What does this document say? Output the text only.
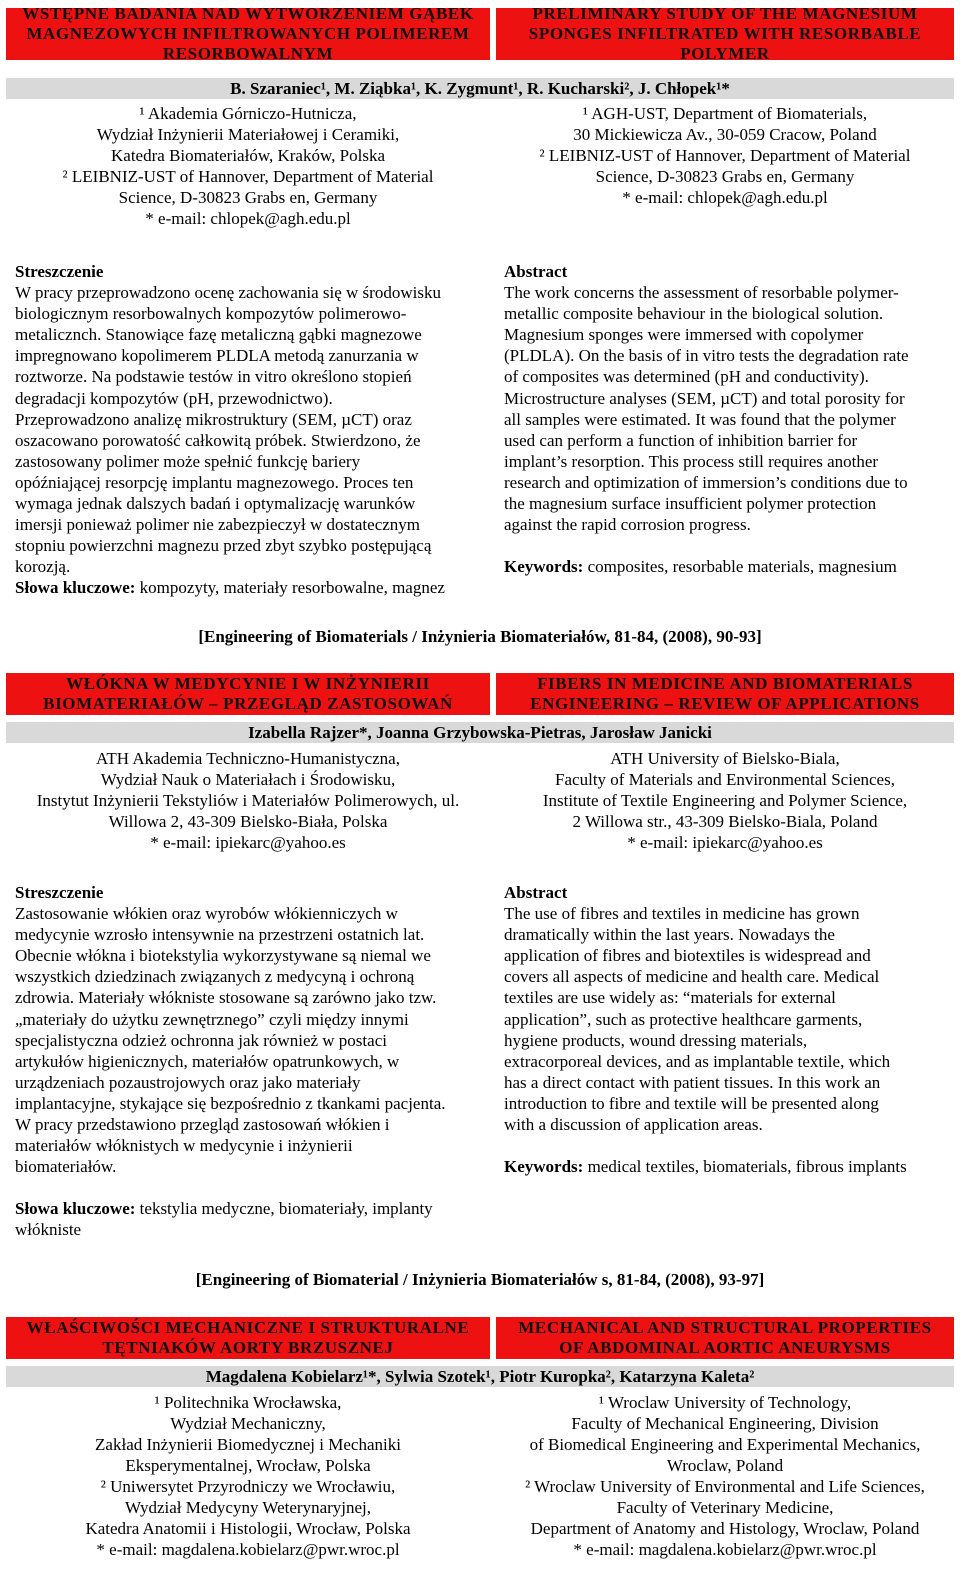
WSTĘPNE BADANIA NAD WYTWORZENIEM GĄBEK
MAGNEZOWYCH INFILTROWANYCH POLIMEREM
RESORBOWALNYM
PRELIMINARY STUDY OF THE MAGNESIUM
SPONGES INFILTRATED WITH RESORBABLE
POLYMER
B. Szaraniec¹, M. Ziąbka¹, K. Zygmunt¹, R. Kucharski², J. Chłopek¹*
¹ Akademia Górniczo-Hutnicza,
Wydział Inżynierii Materiałowej i Ceramiki,
Katedra Biomateriałów, Kraków, Polska
² LEIBNIZ-UST of Hannover, Department of Material
Science, D-30823 Grabs en, Germany
* e-mail: chlopek@agh.edu.pl
¹ AGH-UST, Department of Biomaterials,
30 Mickiewicza Av., 30-059 Cracow, Poland
² LEIBNIZ-UST of Hannover, Department of Material
Science, D-30823 Grabs en, Germany
* e-mail: chlopek@agh.edu.pl
Streszczenie
W pracy przeprowadzono ocenę zachowania się w środowisku
biologicznym resorbowalnych kompozytów polimerowo-
metalicznch. Stanowiące fazę metaliczną gąbki magnezowe
impregnowano kopolimerem PLDLA metodą zanurzania w
roztworze. Na podstawie testów in vitro określono stopień
degradacji kompozytów (pH, przewodnictwo).
Przeprowadzono analizę mikrostruktury (SEM, µCT) oraz
oszacowano porowatość całkowitą próbek. Stwierdzono, że
zastosowany polimer może spełnić funkcję bariery
opóźniającej resorpcję implantu magnezowego. Proces ten
wymaga jednak dalszych badań i optymalizację warunków
imersji ponieważ polimer nie zabezpieczył w dostatecznym
stopniu powierzchni magnezu przed zbyt szybko postępującą
korozją.
Słowa kluczowe: kompozyty, materiały resorbowalne, magnez
Abstract
The work concerns the assessment of resorbable polymer-
metallic composite behaviour in the biological solution.
Magnesium sponges were immersed with copolymer
(PLDLA). On the basis of in vitro tests the degradation rate
of composites was determined (pH and conductivity).
Microstructure analyses (SEM, µCT) and total porosity for
all samples were estimated. It was found that the polymer
used can perform a function of inhibition barrier for
implant’s resorption. This process still requires another
research and optimization of immersion’s conditions due to
the magnesium surface insufficient polymer protection
against the rapid corrosion progress.
Keywords: composites, resorbable materials, magnesium
[Engineering of Biomaterials / Inżynieria Biomateriałów, 81-84, (2008), 90-93]
WŁÓKNA W MEDYCYNIE I W INŻYNIERII
BIOMATERIAŁÓW – PRZEGLĄD ZASTOSOWAŃ
FIBERS IN MEDICINE AND BIOMATERIALS
ENGINEERING – REVIEW OF APPLICATIONS
Izabella Rajzer*, Joanna Grzybowska-Pietras, Jarosław Janicki
ATH Akademia Techniczno-Humanistyczna,
Wydział Nauk o Materiałach i Środowisku,
Instytut Inżynierii Tekstyliów i Materiałów Polimerowych, ul.
Willowa 2, 43-309 Bielsko-Biała, Polska
* e-mail: ipiekarc@yahoo.es
ATH University of Bielsko-Biala,
Faculty of Materials and Environmental Sciences,
Institute of Textile Engineering and Polymer Science,
2 Willowa str., 43-309 Bielsko-Biala, Poland
* e-mail: ipiekarc@yahoo.es
Streszczenie
Zastosowanie włókien oraz wyrobów włókienniczych w
medycynie wzrosło intensywnie na przestrzeni ostatnich lat.
Obecnie włókna i biotekstylia wykorzystywane są niemal we
wszystkich dziedzinach związanych z medycyną i ochroną
zdrowia. Materiały włókniste stosowane są zarówno jako tzw.
„materiały do użytku zewnętrznego” czyli między innymi
specjalistyczna odzież ochronna jak również w postaci
artykułów higienicznych, materiałów opatrunkowych, w
urządzeniach pozaustrojowych oraz jako materiały
implantacyjne, stykające się bezpośrednio z tkankami pacjenta.
W pracy przedstawiono przegląd zastosowań włókien i
materiałów włóknistych w medycynie i inżynierii
biomateriałów.
Słowa kluczowe: tekstylia medyczne, biomateriały, implanty
włókniste
Abstract
The use of fibres and textiles in medicine has grown
dramatically within the last years. Nowadays the
application of fibres and biotextiles is widespread and
covers all aspects of medicine and health care. Medical
textiles are use widely as: “materials for external
application”, such as protective healthcare garments,
hygiene products, wound dressing materials,
extracorporeal devices, and as implantable textile, which
has a direct contact with patient tissues. In this work an
introduction to fibre and textile will be presented along
with a discussion of application areas.
Keywords: medical textiles, biomaterials, fibrous implants
[Engineering of Biomaterial / Inżynieria Biomateriałów s, 81-84, (2008), 93-97]
WŁAŚCIWOŚCI MECHANICZNE I STRUKTURALNE
TĘTNIAKÓW AORTY BRZUSZNEJ
MECHANICAL AND STRUCTURAL PROPERTIES
OF ABDOMINAL AORTIC ANEURYSMS
Magdalena Kobielarz¹*, Sylwia Szotek¹, Piotr Kuropka², Katarzyna Kaleta²
¹ Politechnika Wrocławska,
Wydział Mechaniczny,
Zakład Inżynierii Biomedycznej i Mechaniki
Eksperymentalnej, Wrocław, Polska
² Uniwersytet Przyrodniczy we Wrocławiu,
Wydział Medycyny Weterynaryjnej,
Katedra Anatomii i Histologii, Wrocław, Polska
* e-mail: magdalena.kobielarz@pwr.wroc.pl
¹ Wroclaw University of Technology,
Faculty of Mechanical Engineering, Division
of Biomedical Engineering and Experimental Mechanics,
Wroclaw, Poland
² Wroclaw University of Environmental and Life Sciences,
Faculty of Veterinary Medicine,
Department of Anatomy and Histology, Wroclaw, Poland
* e-mail: magdalena.kobielarz@pwr.wroc.pl
